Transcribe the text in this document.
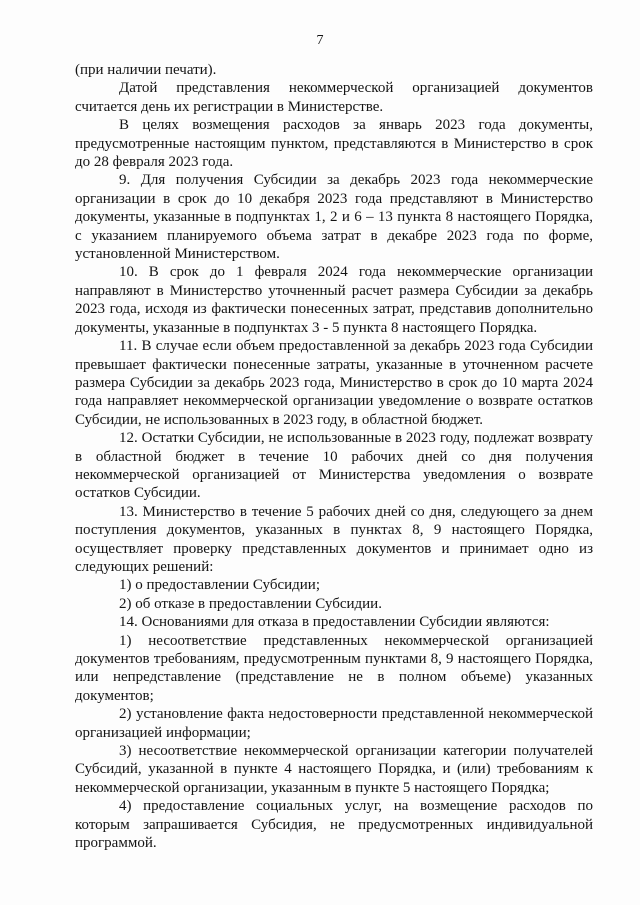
7

(при наличии печати).

Датой представления некоммерческой организацией документов считается день их регистрации в Министерстве.

В целях возмещения расходов за январь 2023 года документы, предусмотренные настоящим пунктом, представляются в Министерство в срок до 28 февраля 2023 года.

9. Для получения Субсидии за декабрь 2023 года некоммерческие организации в срок до 10 декабря 2023 года представляют в Министерство документы, указанные в подпунктах 1, 2 и 6 – 13 пункта 8 настоящего Порядка, с указанием планируемого объема затрат в декабре 2023 года по форме, установленной Министерством.

10. В срок до 1 февраля 2024 года некоммерческие организации направляют в Министерство уточненный расчет размера Субсидии за декабрь 2023 года, исходя из фактически понесенных затрат, представив дополнительно документы, указанные в подпунктах 3 - 5 пункта 8 настоящего Порядка.

11. В случае если объем предоставленной за декабрь 2023 года Субсидии превышает фактически понесенные затраты, указанные в уточненном расчете размера Субсидии за декабрь 2023 года, Министерство в срок до 10 марта 2024 года направляет некоммерческой организации уведомление о возврате остатков Субсидии, не использованных в 2023 году, в областной бюджет.

12. Остатки Субсидии, не использованные в 2023 году, подлежат возврату в областной бюджет в течение 10 рабочих дней со дня получения некоммерческой организацией от Министерства уведомления о возврате остатков Субсидии.

13. Министерство в течение 5 рабочих дней со дня, следующего за днем поступления документов, указанных в пунктах 8, 9 настоящего Порядка, осуществляет проверку представленных документов и принимает одно из следующих решений:

1) о предоставлении Субсидии;

2) об отказе в предоставлении Субсидии.

14. Основаниями для отказа в предоставлении Субсидии являются:

1) несоответствие представленных некоммерческой организацией документов требованиям, предусмотренным пунктами 8, 9 настоящего Порядка, или непредставление (представление не в полном объеме) указанных документов;

2) установление факта недостоверности представленной некоммерческой организацией информации;

3) несоответствие некоммерческой организации категории получателей Субсидий, указанной в пункте 4 настоящего Порядка, и (или) требованиям к некоммерческой организации, указанным в пункте 5 настоящего Порядка;

4) предоставление социальных услуг, на возмещение расходов по которым запрашивается Субсидия, не предусмотренных индивидуальной программой.
